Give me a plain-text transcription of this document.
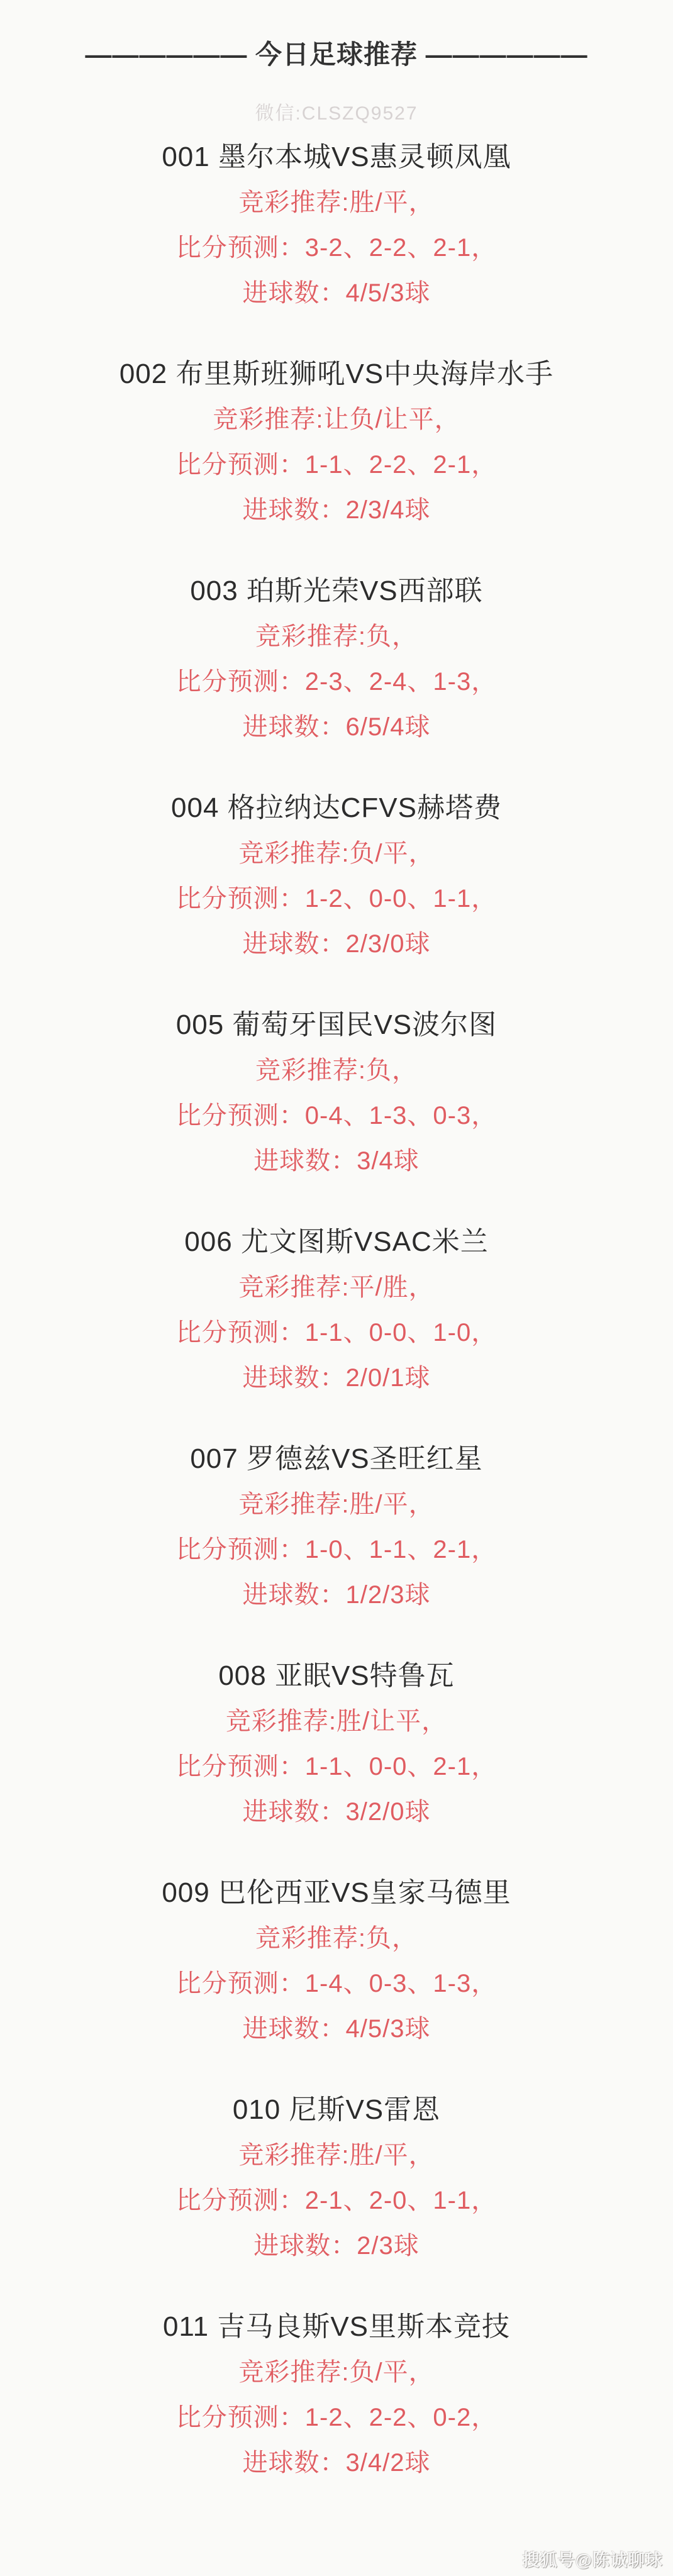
—————— 今日足球推荐 ——————
微信:CLSZQ9527
001 墨尔本城VS惠灵顿凤凰
竞彩推荐:胜/平，
比分预测：3-2、2-2、2-1，
进球数：4/5/3球
002 布里斯班狮吼VS中央海岸水手
竞彩推荐:让负/让平，
比分预测：1-1、2-2、2-1，
进球数：2/3/4球
003 珀斯光荣VS西部联
竞彩推荐:负，
比分预测：2-3、2-4、1-3，
进球数：6/5/4球
004 格拉纳达CFVS赫塔费
竞彩推荐:负/平，
比分预测：1-2、0-0、1-1，
进球数：2/3/0球
005 葡萄牙国民VS波尔图
竞彩推荐:负，
比分预测：0-4、1-3、0-3，
进球数：3/4球
006 尤文图斯VSAC米兰
竞彩推荐:平/胜，
比分预测：1-1、0-0、1-0，
进球数：2/0/1球
007 罗德兹VS圣旺红星
竞彩推荐:胜/平，
比分预测：1-0、1-1、2-1，
进球数：1/2/3球
008 亚眠VS特鲁瓦
竞彩推荐:胜/让平，
比分预测：1-1、0-0、2-1，
进球数：3/2/0球
009 巴伦西亚VS皇家马德里
竞彩推荐:负，
比分预测：1-4、0-3、1-3，
进球数：4/5/3球
010 尼斯VS雷恩
竞彩推荐:胜/平，
比分预测：2-1、2-0、1-1，
进球数：2/3球
011 吉马良斯VS里斯本竞技
竞彩推荐:负/平，
比分预测：1-2、2-2、0-2，
进球数：3/4/2球
搜狐号@陈诚聊球
